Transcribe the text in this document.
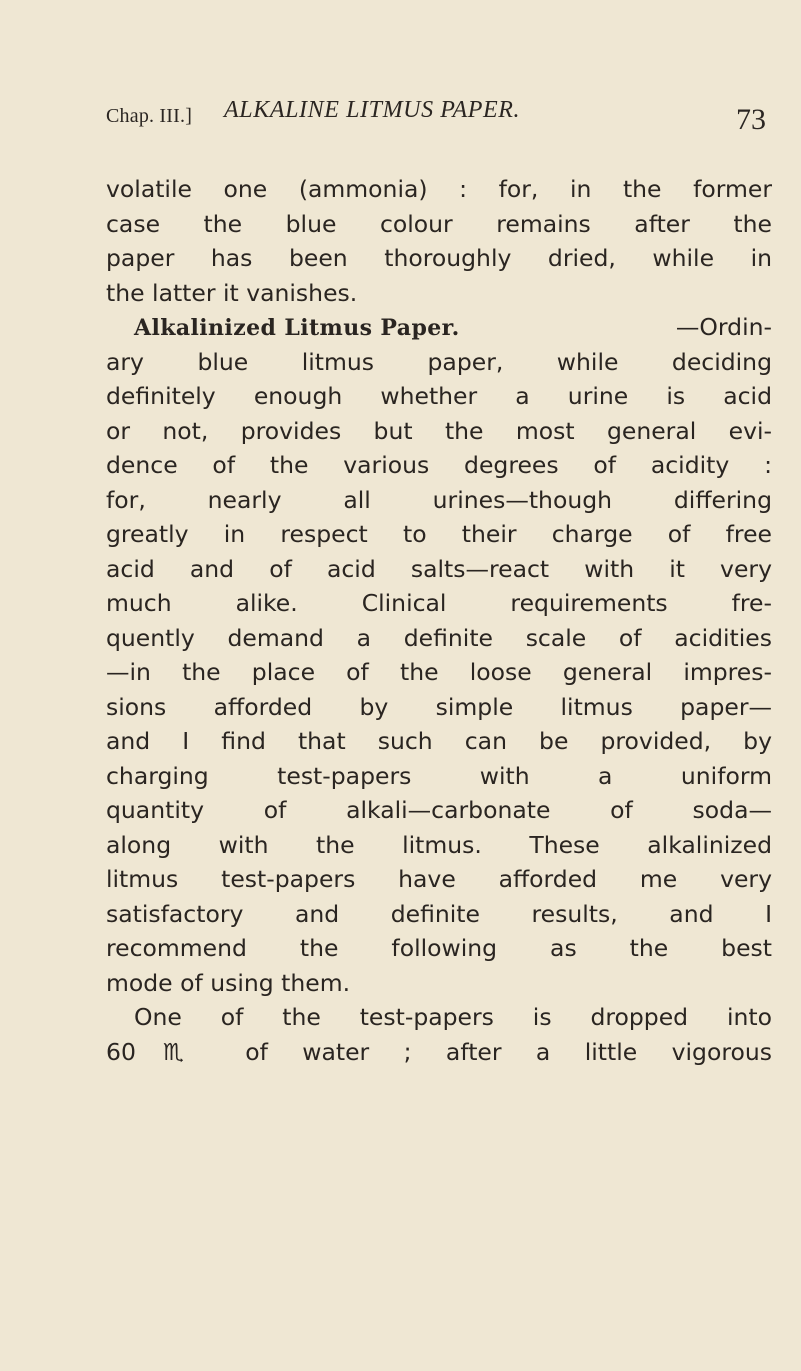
Chap. III.] ALKALINE LITMUS PAPER.	73
volatile one (ammonia) : for, in the former
case the blue colour remains after the
paper has been thoroughly dried, while in
the latter it vanishes.
Alkalinized Litmus Paper.	—Ordin-
ary blue litmus paper, while deciding
definitely enough whether a urine is acid
or not, provides but the most general evi-
dence of the various degrees of acidity :
for, nearly all urines—though differing
greatly in respect to their charge of free
acid and of acid salts—react with it very
much alike. Clinical requirements fre-
quently demand a definite scale of acidities
—in the place of the loose general impres-
sions afforded by simple litmus paper—
and I find that such can be provided, by
charging test-papers with a uniform
quantity of alkali—carbonate of soda—
along with the litmus. These alkalinized
litmus test-papers have afforded me very
satisfactory and definite results, and I
recommend the following as the best
mode of using them.
One of the test-papers is dropped into
60♏ of water ; after a little vigorous
